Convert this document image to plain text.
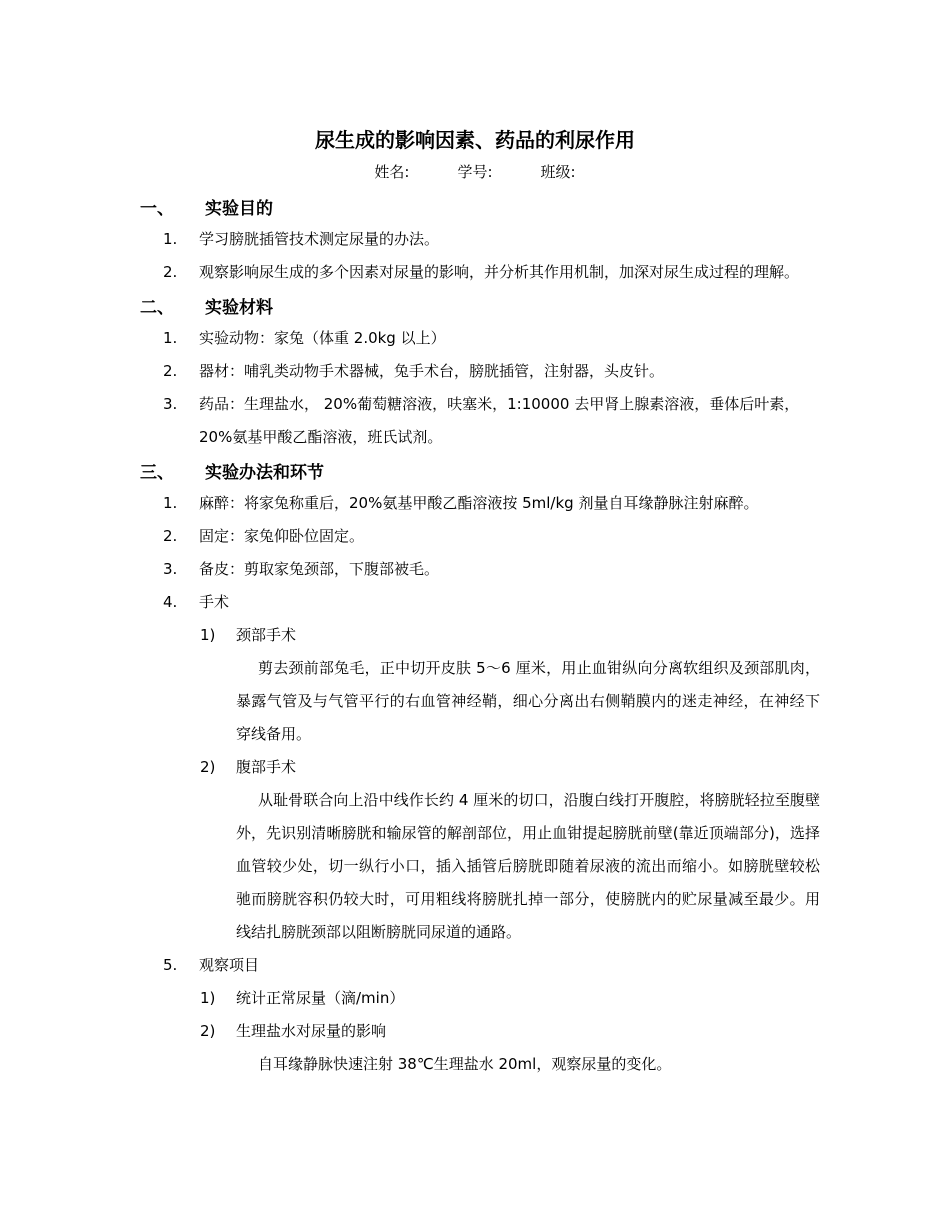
尿生成的影响因素、药品的利尿作用
姓名:	学号:	班级:
一、	实验目的
1.	学习膀胱插管技术测定尿量的办法。
2.	观察影响尿生成的多个因素对尿量的影响，并分析其作用机制，加深对尿生成过程的理解。
二、	实验材料
1.	实验动物：家兔（体重 2.0kg 以上）
2.	器材：哺乳类动物手术器械，兔手术台，膀胱插管，注射器，头皮针。
3.	药品：生理盐水， 20%葡萄糖溶液，呋塞米，1:10000 去甲肾上腺素溶液，垂体后叶素，20%氨基甲酸乙酯溶液，班氏试剂。
三、	实验办法和环节
1.	麻醉：将家兔称重后，20%氨基甲酸乙酯溶液按 5ml/kg 剂量自耳缘静脉注射麻醉。
2.	固定：家兔仰卧位固定。
3.	备皮：剪取家兔颈部，下腹部被毛。
4.	手术
1)	颈部手术
剪去颈前部兔毛，正中切开皮肤 5～6 厘米，用止血钳纵向分离软组织及颈部肌肉，暴露气管及与气管平行的右血管神经鞘，细心分离出右侧鞘膜内的迷走神经，在神经下穿线备用。
2)	腹部手术
从耻骨联合向上沿中线作长约 4 厘米的切口，沿腹白线打开腹腔，将膀胱轻拉至腹壁外，先识别清晰膀胱和输尿管的解剖部位，用止血钳提起膀胱前壁(靠近顶端部分)，选择血管较少处，切一纵行小口，插入插管后膀胱即随着尿液的流出而缩小。如膀胱壁较松驰而膀胱容积仍较大时，可用粗线将膀胱扎掉一部分，使膀胱内的贮尿量减至最少。用线结扎膀胱颈部以阻断膀胱同尿道的通路。
5.	观察项目
1)	统计正常尿量（滴/min）
2)	生理盐水对尿量的影响
自耳缘静脉快速注射 38℃生理盐水 20ml，观察尿量的变化。
